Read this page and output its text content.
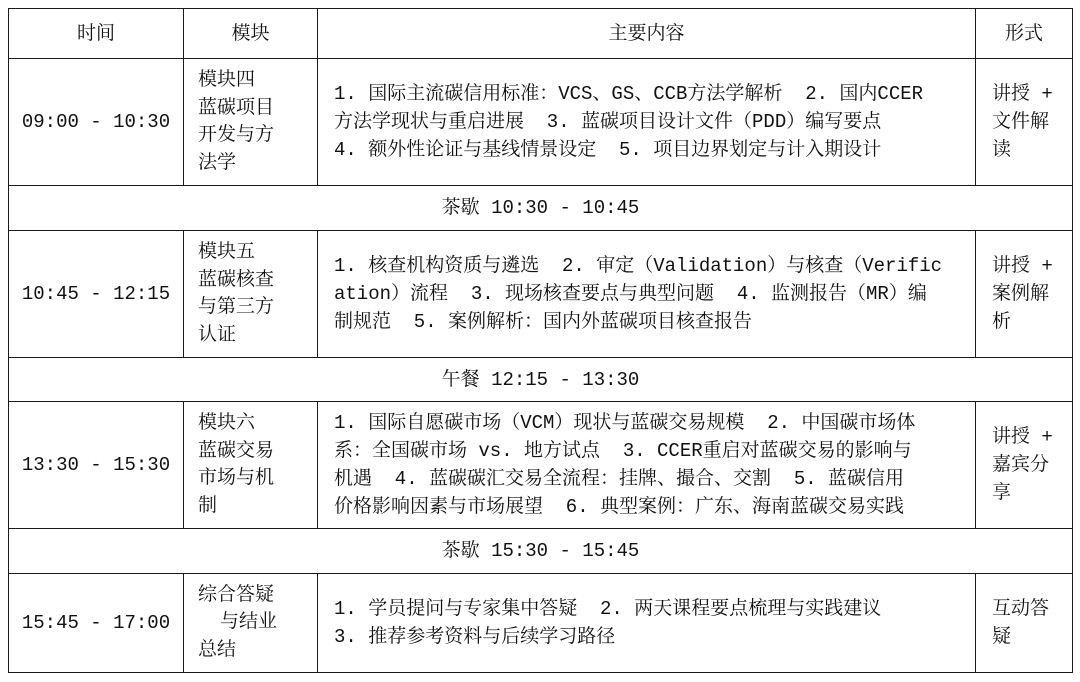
时间	模块	主要内容	形式
09:00 - 10:30	模块四
蓝碳项目
开发与方
法学	1. 国际主流碳信用标准：VCS、GS、CCB方法学解析  2. 国内CCER
方法学现状与重启进展  3. 蓝碳项目设计文件（PDD）编写要点
4. 额外性论证与基线情景设定  5. 项目边界划定与计入期设计	讲授 +
文件解
读

茶歇 10:30 - 10:45			
10:45 - 12:15	模块五
蓝碳核查
与第三方
认证	1. 核查机构资质与遴选  2. 审定（Validation）与核查（Verific
ation）流程  3. 现场核查要点与典型问题  4. 监测报告（MR）编
制规范  5. 案例解析：国内外蓝碳项目核查报告	讲授 +
案例解
析

午餐 12:15 - 13:30			
13:30 - 15:30	模块六
蓝碳交易
市场与机
制	1. 国际自愿碳市场（VCM）现状与蓝碳交易规模  2. 中国碳市场体
系：全国碳市场 vs. 地方试点  3. CCER重启对蓝碳交易的影响与
机遇  4. 蓝碳碳汇交易全流程：挂牌、撮合、交割  5. 蓝碳信用
价格影响因素与市场展望  6. 典型案例：广东、海南蓝碳交易实践	讲授 +
嘉宾分
享

茶歇 15:30 - 15:45			
15:45 - 17:00	综合答疑
与结业
总结	1. 学员提问与专家集中答疑  2. 两天课程要点梳理与实践建议
3. 推荐参考资料与后续学习路径	互动答
疑
